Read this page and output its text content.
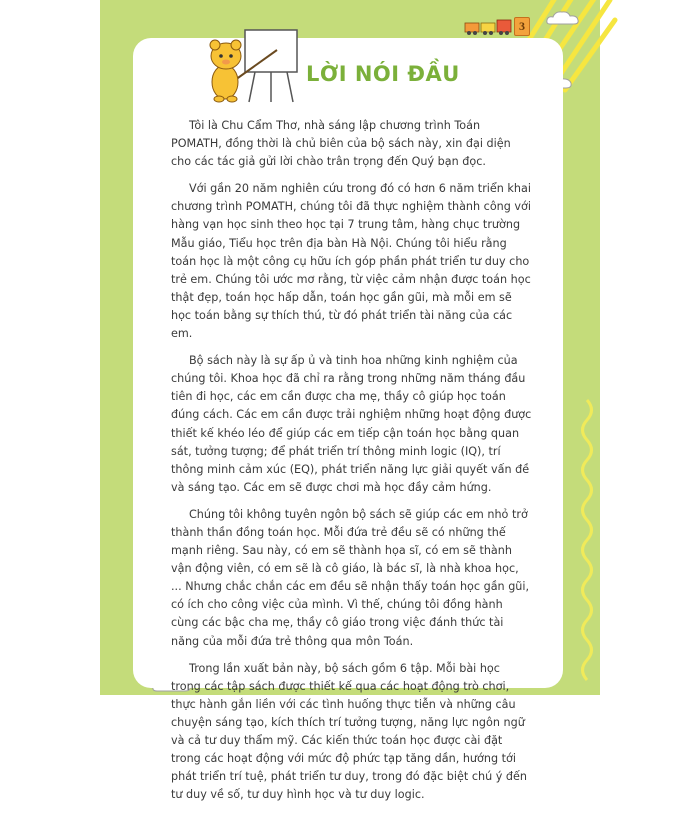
3
LỜI NÓI ĐẦU

Tôi là Chu Cẩm Thơ, nhà sáng lập chương trình Toán POMATH, đồng thời là chủ biên của bộ sách này, xin đại diện cho các tác giả gửi lời chào trân trọng đến Quý bạn đọc.

Với gần 20 năm nghiên cứu trong đó có hơn 6 năm triển khai chương trình POMATH, chúng tôi đã thực nghiệm thành công với hàng vạn học sinh theo học tại 7 trung tâm, hàng chục trường Mẫu giáo, Tiểu học trên địa bàn Hà Nội. Chúng tôi hiểu rằng toán học là một công cụ hữu ích góp phần phát triển tư duy cho trẻ em. Chúng tôi ước mơ rằng, từ việc cảm nhận được toán học thật đẹp, toán học hấp dẫn, toán học gần gũi, mà mỗi em sẽ học toán bằng sự thích thú, từ đó phát triển tài năng của các em.

Bộ sách này là sự ấp ủ và tinh hoa những kinh nghiệm của chúng tôi. Khoa học đã chỉ ra rằng trong những năm tháng đầu tiên đi học, các em cần được cha mẹ, thầy cô giúp học toán đúng cách. Các em cần được trải nghiệm những hoạt động được thiết kế khéo léo để giúp các em tiếp cận toán học bằng quan sát, tưởng tượng; để phát triển trí thông minh logic (IQ), trí thông minh cảm xúc (EQ), phát triển năng lực giải quyết vấn đề và sáng tạo. Các em sẽ được chơi mà học đầy cảm hứng.

Chúng tôi không tuyên ngôn bộ sách sẽ giúp các em nhỏ trở thành thần đồng toán học. Mỗi đứa trẻ đều sẽ có những thế mạnh riêng. Sau này, có em sẽ thành họa sĩ, có em sẽ thành vận động viên, có em sẽ là cô giáo, là bác sĩ, là nhà khoa học, ... Nhưng chắc chắn các em đều sẽ nhận thấy toán học gần gũi, có ích cho công việc của mình. Vì thế, chúng tôi đồng hành cùng các bậc cha mẹ, thầy cô giáo trong việc đánh thức tài năng của mỗi đứa trẻ thông qua môn Toán.

Trong lần xuất bản này, bộ sách gồm 6 tập. Mỗi bài học trong các tập sách được thiết kế qua các hoạt động trò chơi, thực hành gắn liền với các tình huống thực tiễn và những câu chuyện sáng tạo, kích thích trí tưởng tượng, năng lực ngôn ngữ và cả tư duy thẩm mỹ. Các kiến thức toán học được cài đặt trong các hoạt động với mức độ phức tạp tăng dần, hướng tới phát triển trí tuệ, phát triển tư duy, trong đó đặc biệt chú ý đến tư duy về số, tư duy hình học và tư duy logic.
